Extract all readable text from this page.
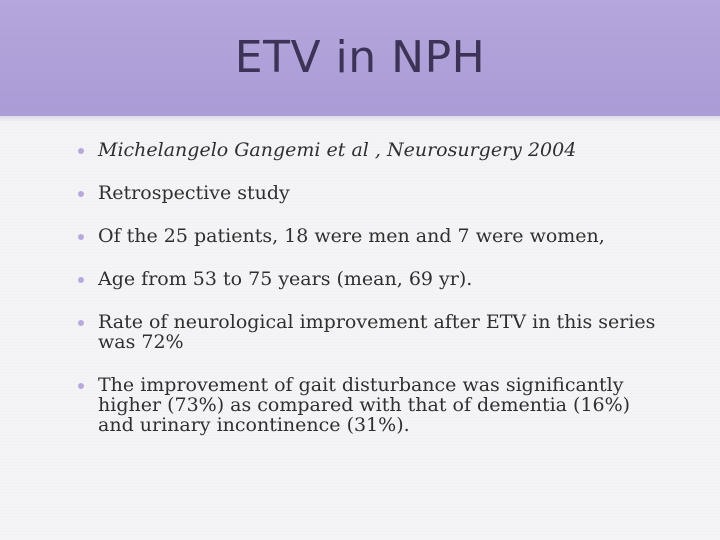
ETV in NPH
Michelangelo Gangemi et al , Neurosurgery 2004
Retrospective study
Of the 25 patients, 18 were men and 7 were women,
Age from 53 to 75 years (mean, 69 yr).
Rate of neurological improvement after ETV in this series was 72%
The improvement of gait disturbance was significantly higher (73%) as compared with that of dementia (16%) and urinary incontinence (31%).
